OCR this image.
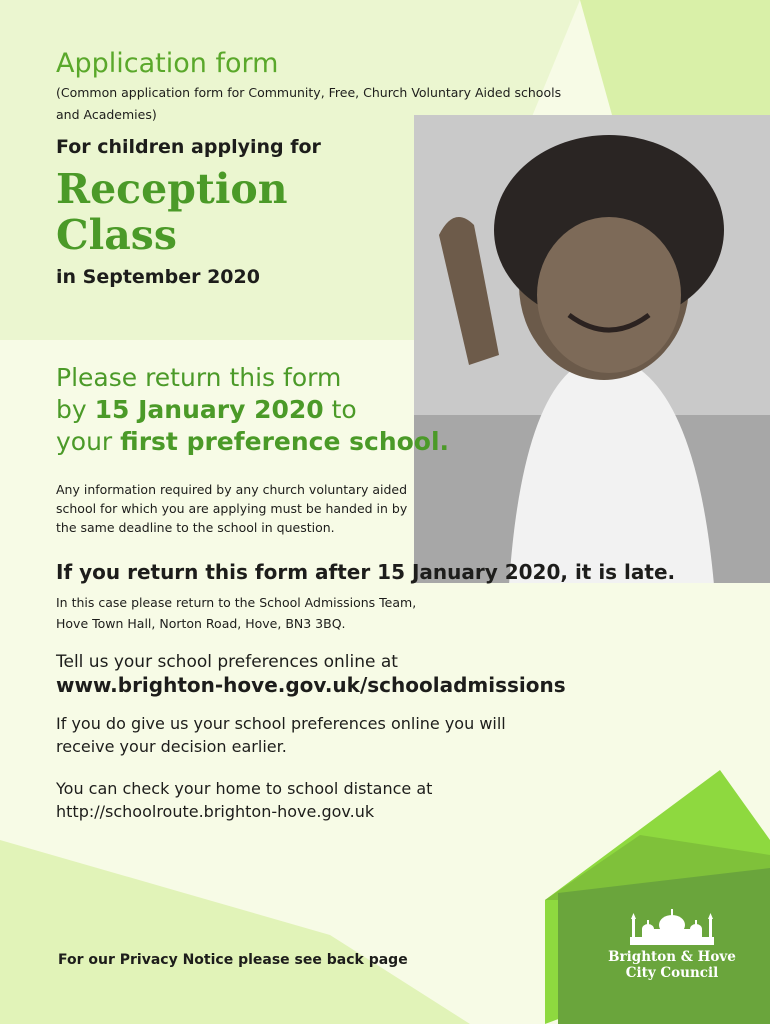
Application form
(Common application form for Community, Free, Church Voluntary Aided schools and Academies)
For children applying for
Reception Class
in September 2020
Please return this form
by 15 January 2020 to
your first preference school.
Any information required by any church voluntary aided school for which you are applying must be handed in by the same deadline to the school in question.
If you return this form after 15 January 2020, it is late.
In this case please return to the School Admissions Team,
Hove Town Hall, Norton Road, Hove, BN3 3BQ.
Tell us your school preferences online at
www.brighton-hove.gov.uk/schooladmissions
If you do give us your school preferences online you will receive your decision earlier.
You can check your home to school distance at
http://schoolroute.brighton-hove.gov.uk
For our Privacy Notice please see back page	Brighton & Hove
City Council
